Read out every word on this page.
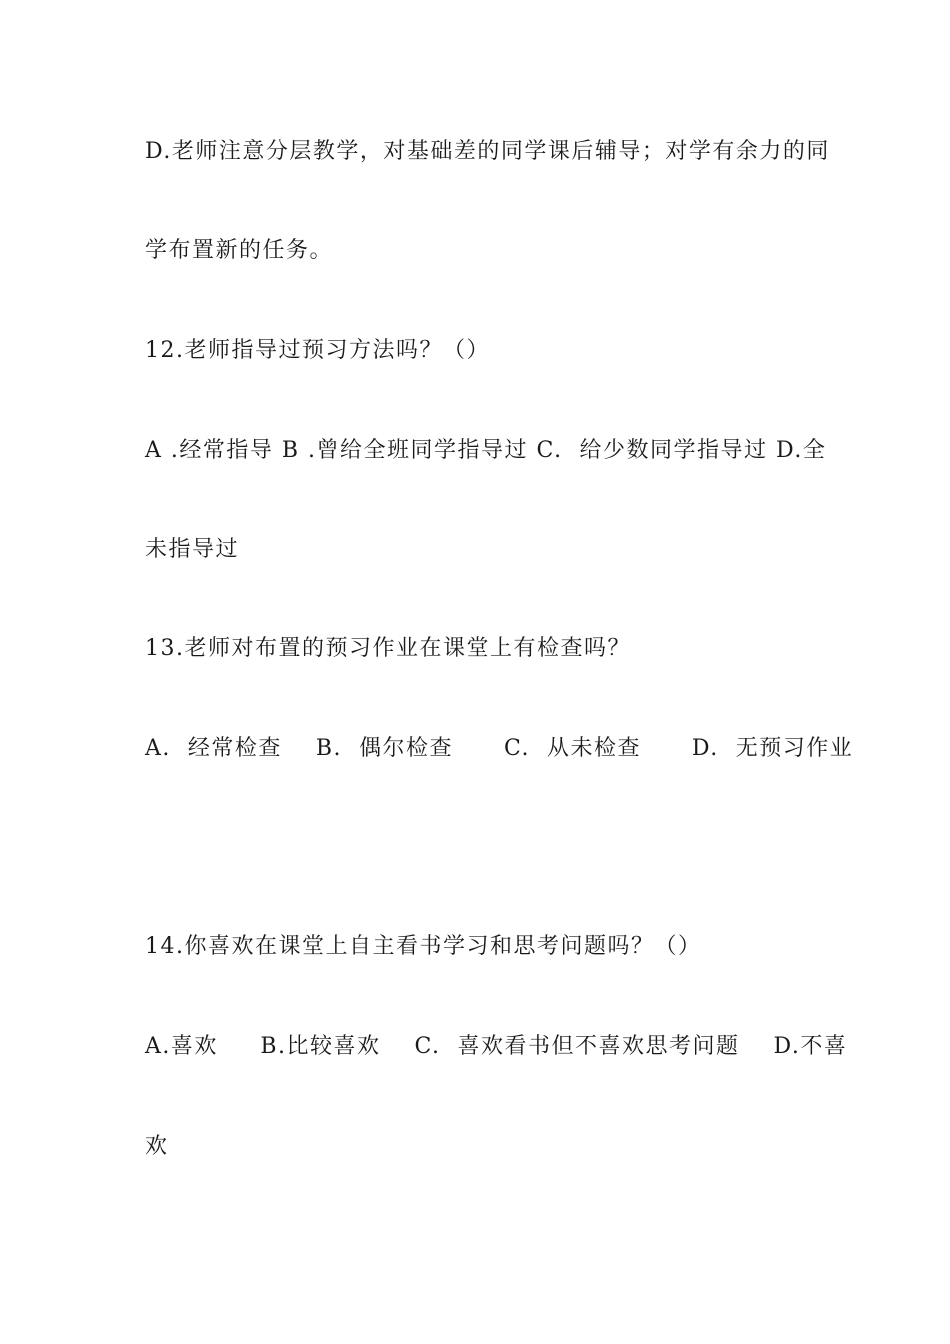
D.老师注意分层教学，对基础差的同学课后辅导；对学有余力的同
学布置新的任务。
12.老师指导过预习方法吗？（）
A .经常指导 B .曾给全班同学指导过 C.  给少数同学指导过 D.全
未指导过
13.老师对布置的预习作业在课堂上有检查吗？
A.  经常检查    B.  偶尔检查      C.  从未检查      D.  无预习作业
14.你喜欢在课堂上自主看书学习和思考问题吗？（）
A.喜欢     B.比较喜欢    C.  喜欢看书但不喜欢思考问题    D.不喜
欢
